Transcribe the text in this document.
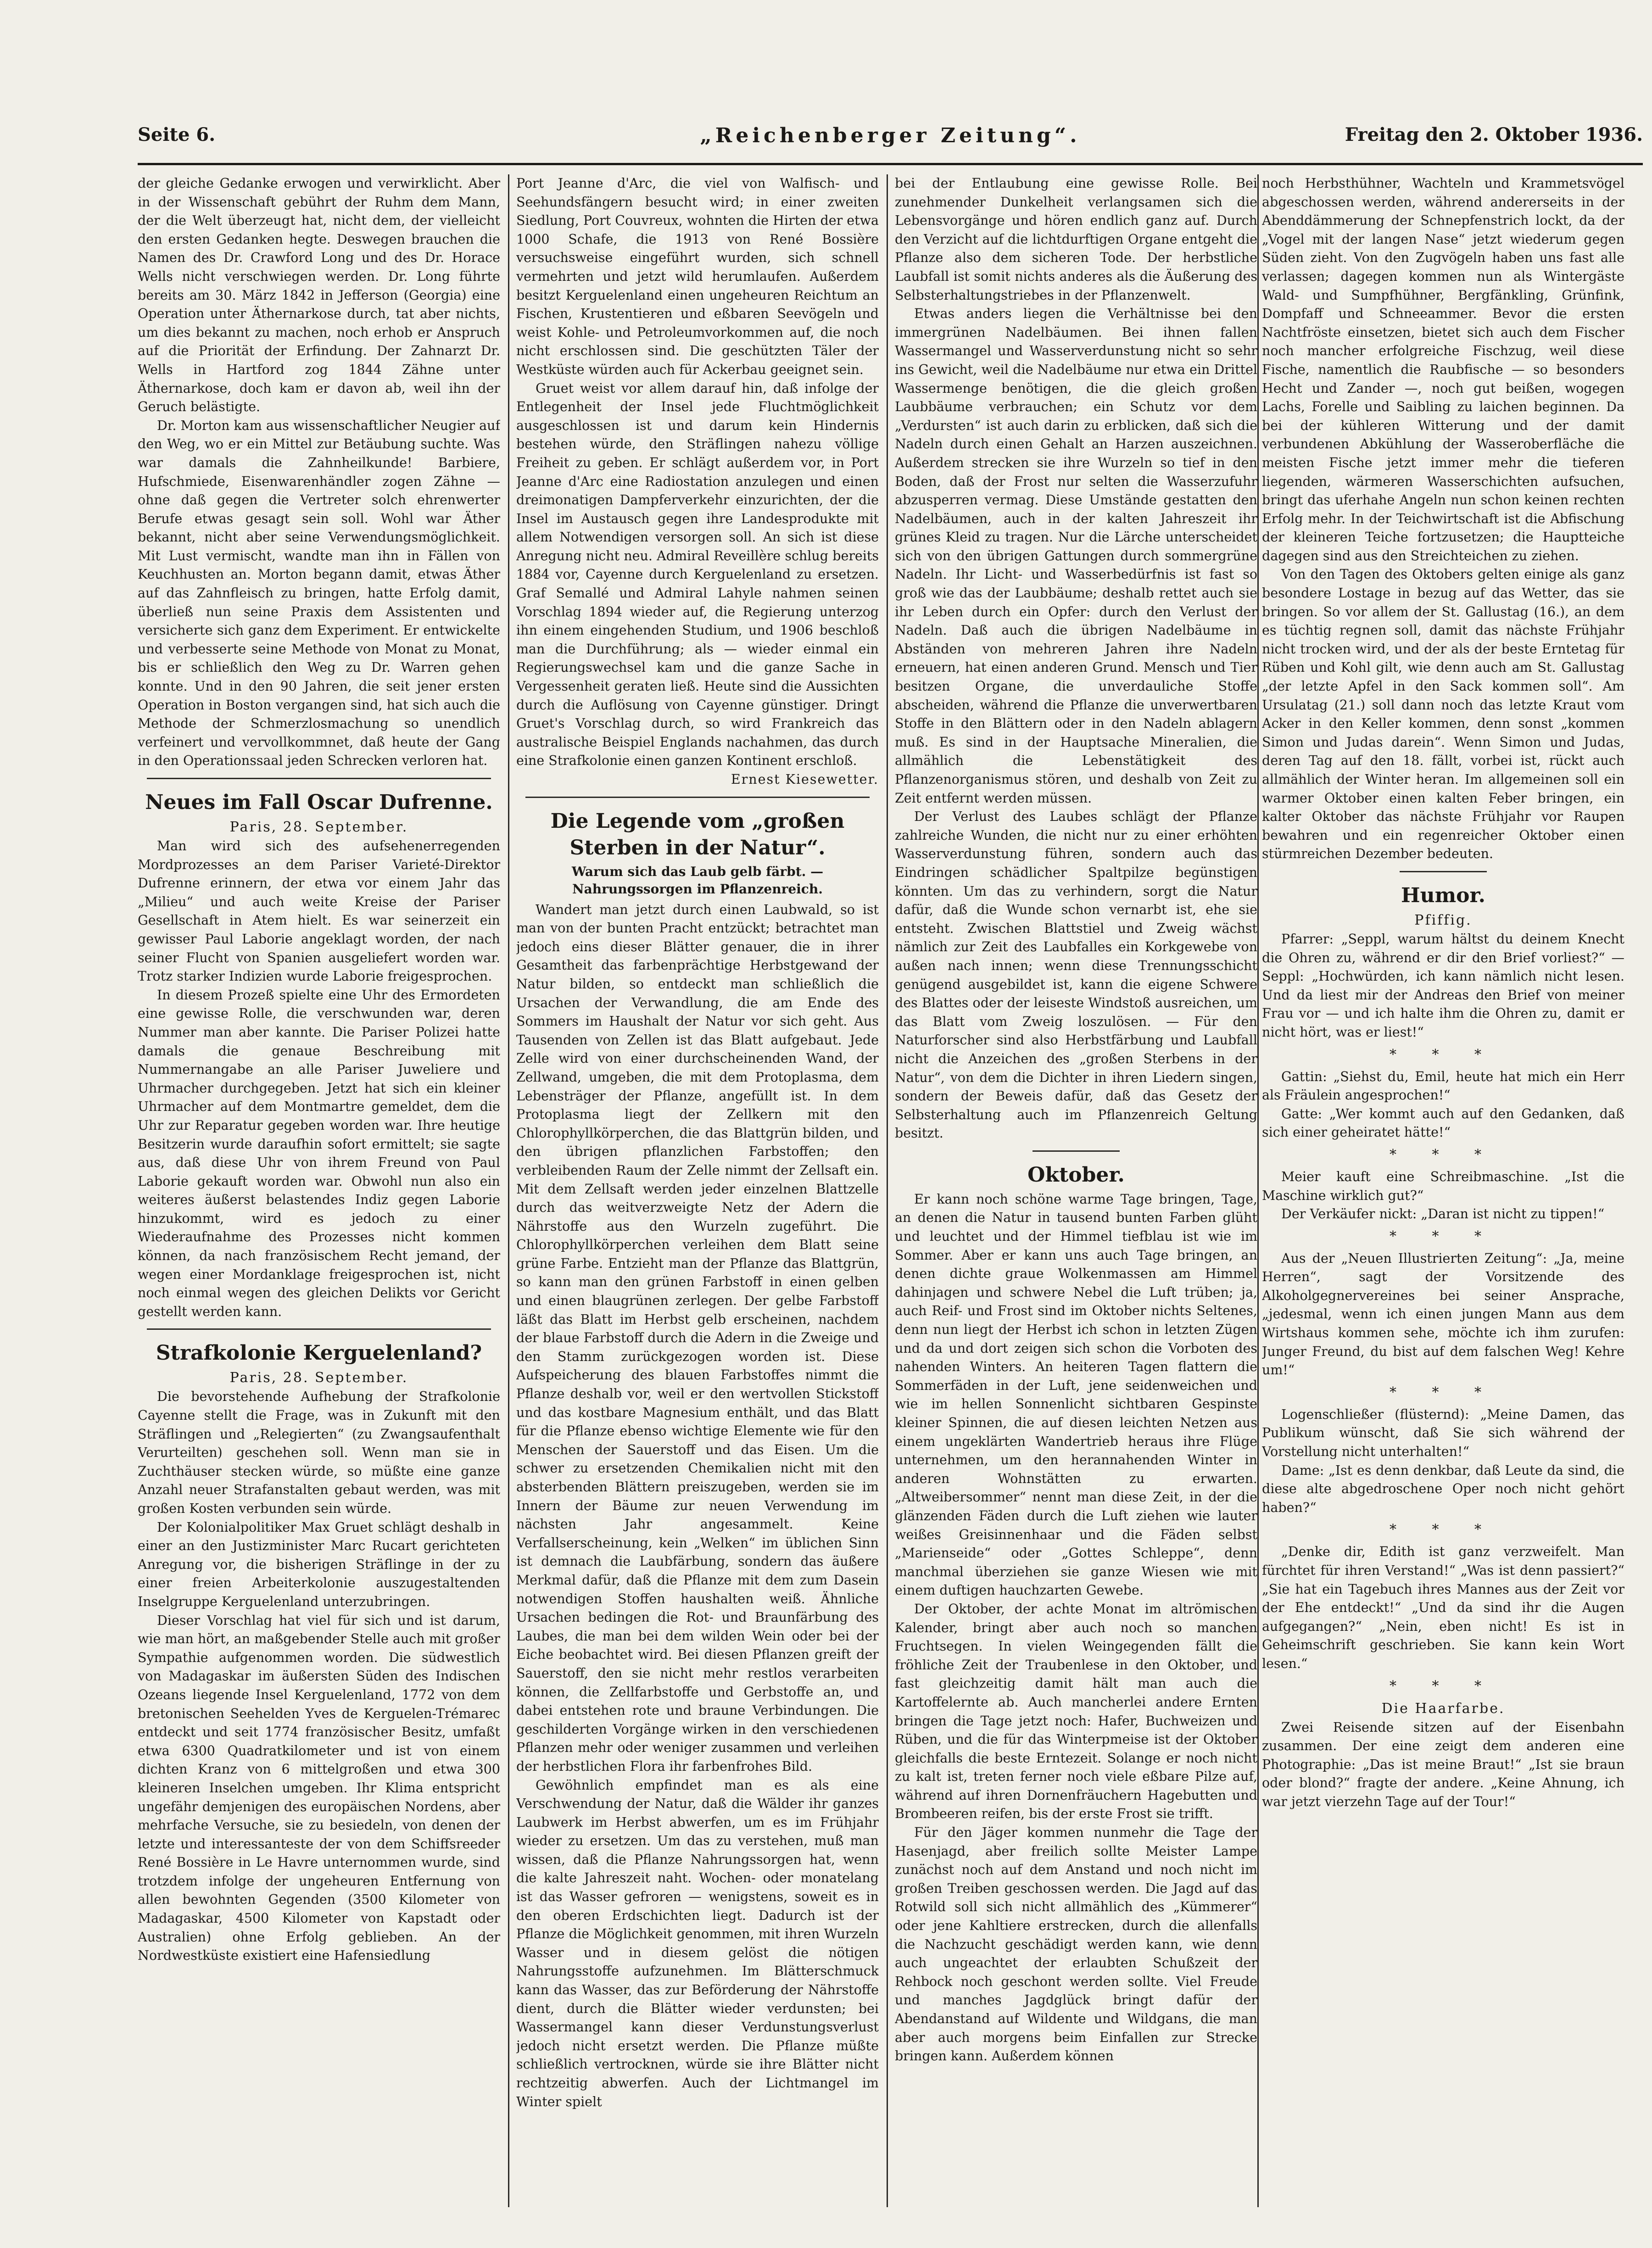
Seite 6.	„Reichenberger Zeitung“.	Freitag den 2. Oktober 1936.

der gleiche Gedanke erwogen und verwirklicht. Aber in der Wissenschaft gebührt der Ruhm dem Mann, der die Welt überzeugt hat, nicht dem, der vielleicht den ersten Gedanken hegte. Deswegen brauchen die Namen des Dr. Crawford Long und des Dr. Horace Wells nicht verschwiegen werden. Dr. Long führte bereits am 30. März 1842 in Jefferson (Georgia) eine Operation unter Äthernarkose durch, tat aber nichts, um dies bekannt zu machen, noch erhob er Anspruch auf die Priorität der Erfindung. Der Zahnarzt Dr. Wells in Hartford zog 1844 Zähne unter Äthernarkose, doch kam er davon ab, weil ihn der Geruch belästigte.

Dr. Morton kam aus wissenschaftlicher Neugier auf den Weg, wo er ein Mittel zur Betäubung suchte. Was war damals die Zahnheilkunde! Barbiere, Hufschmiede, Eisenwarenhändler zogen Zähne — ohne daß gegen die Vertreter solch ehrenwerter Berufe etwas gesagt sein soll. Wohl war Äther bekannt, nicht aber seine Verwendungsmöglichkeit. Mit Lust vermischt, wandte man ihn in Fällen von Keuchhusten an. Morton begann damit, etwas Äther auf das Zahnfleisch zu bringen, hatte Erfolg damit, überließ nun seine Praxis dem Assistenten und versicherte sich ganz dem Experiment. Er entwickelte und verbesserte seine Methode von Monat zu Monat, bis er schließlich den Weg zu Dr. Warren gehen konnte. Und in den 90 Jahren, die seit jener ersten Operation in Boston vergangen sind, hat sich auch die Methode der Schmerzlosmachung so unendlich verfeinert und vervollkommnet, daß heute der Gang in den Operationssaal jeden Schrecken verloren hat.

Neues im Fall Oscar Dufrenne.

Paris, 28. September.

Man wird sich des aufsehenerregenden Mordprozesses an dem Pariser Varieté-Direktor Dufrenne erinnern, der etwa vor einem Jahr das „Milieu“ und auch weite Kreise der Pariser Gesellschaft in Atem hielt. Es war seinerzeit ein gewisser Paul Laborie angeklagt worden, der nach seiner Flucht von Spanien ausgeliefert worden war. Trotz starker Indizien wurde Laborie freigesprochen.

In diesem Prozeß spielte eine Uhr des Ermordeten eine gewisse Rolle, die verschwunden war, deren Nummer man aber kannte. Die Pariser Polizei hatte damals die genaue Beschreibung mit Nummernangabe an alle Pariser Juweliere und Uhrmacher durchgegeben. Jetzt hat sich ein kleiner Uhrmacher auf dem Montmartre gemeldet, dem die Uhr zur Reparatur gegeben worden war. Ihre heutige Besitzerin wurde daraufhin sofort ermittelt; sie sagte aus, daß diese Uhr von ihrem Freund von Paul Laborie gekauft worden war. Obwohl nun also ein weiteres äußerst belastendes Indiz gegen Laborie hinzukommt, wird es jedoch zu einer Wiederaufnahme des Prozesses nicht kommen können, da nach französischem Recht jemand, der wegen einer Mordanklage freigesprochen ist, nicht noch einmal wegen des gleichen Delikts vor Gericht gestellt werden kann.

Strafkolonie Kerguelenland?

Paris, 28. September.

Die bevorstehende Aufhebung der Strafkolonie Cayenne stellt die Frage, was in Zukunft mit den Sträflingen und „Relegierten“ (zu Zwangsaufenthalt Verurteilten) geschehen soll. Wenn man sie in Zuchthäuser stecken würde, so müßte eine ganze Anzahl neuer Strafanstalten gebaut werden, was mit großen Kosten verbunden sein würde.

Der Kolonialpolitiker Max Gruet schlägt deshalb in einer an den Justizminister Marc Rucart gerichteten Anregung vor, die bisherigen Sträflinge in der zu einer freien Arbeiterkolonie auszugestaltenden Inselgruppe Kerguelenland unterzubringen.

Dieser Vorschlag hat viel für sich und ist darum, wie man hört, an maßgebender Stelle auch mit großer Sympathie aufgenommen worden. Die südwestlich von Madagaskar im äußersten Süden des Indischen Ozeans liegende Insel Kerguelenland, 1772 von dem bretonischen Seehelden Yves de Kerguelen-Trémarec entdeckt und seit 1774 französischer Besitz, umfaßt etwa 6300 Quadratkilometer und ist von einem dichten Kranz von 6 mittelgroßen und etwa 300 kleineren Inselchen umgeben. Ihr Klima entspricht ungefähr demjenigen des europäischen Nordens, aber mehrfache Versuche, sie zu besiedeln, von denen der letzte und interessanteste der von dem Schiffsreeder René Bossière in Le Havre unternommen wurde, sind trotzdem infolge der ungeheuren Entfernung von allen bewohnten Gegenden (3500 Kilometer von Madagaskar, 4500 Kilometer von Kapstadt oder Australien) ohne Erfolg geblieben. An der Nordwestküste existiert eine Hafensiedlung

Port Jeanne d'Arc, die viel von Walfisch- und Seehundsfängern besucht wird; in einer zweiten Siedlung, Port Couvreux, wohnten die Hirten der etwa 1000 Schafe, die 1913 von René Bossière versuchsweise eingeführt wurden, sich schnell vermehrten und jetzt wild herumlaufen. Außerdem besitzt Kerguelenland einen ungeheuren Reichtum an Fischen, Krustentieren und eßbaren Seevögeln und weist Kohle- und Petroleumvorkommen auf, die noch nicht erschlossen sind. Die geschützten Täler der Westküste würden auch für Ackerbau geeignet sein.

Gruet weist vor allem darauf hin, daß infolge der Entlegenheit der Insel jede Fluchtmöglichkeit ausgeschlossen ist und darum kein Hindernis bestehen würde, den Sträflingen nahezu völlige Freiheit zu geben. Er schlägt außerdem vor, in Port Jeanne d'Arc eine Radiostation anzulegen und einen dreimonatigen Dampferverkehr einzurichten, der die Insel im Austausch gegen ihre Landesprodukte mit allem Notwendigen versorgen soll. An sich ist diese Anregung nicht neu. Admiral Reveillère schlug bereits 1884 vor, Cayenne durch Kerguelenland zu ersetzen. Graf Semallé und Admiral Lahyle nahmen seinen Vorschlag 1894 wieder auf, die Regierung unterzog ihn einem eingehenden Studium, und 1906 beschloß man die Durchführung; als — wieder einmal ein Regierungswechsel kam und die ganze Sache in Vergessenheit geraten ließ. Heute sind die Aussichten durch die Auflösung von Cayenne günstiger. Dringt Gruet's Vorschlag durch, so wird Frankreich das australische Beispiel Englands nachahmen, das durch eine Strafkolonie einen ganzen Kontinent erschloß.

Ernest Kiesewetter.

Die Legende vom „großen Sterben in der Natur“.

Warum sich das Laub gelb färbt. — Nahrungssorgen im Pflanzenreich.

Wandert man jetzt durch einen Laubwald, so ist man von der bunten Pracht entzückt; betrachtet man jedoch eins dieser Blätter genauer, die in ihrer Gesamtheit das farbenprächtige Herbstgewand der Natur bilden, so entdeckt man schließlich die Ursachen der Verwandlung, die am Ende des Sommers im Haushalt der Natur vor sich geht. Aus Tausenden von Zellen ist das Blatt aufgebaut. Jede Zelle wird von einer durchscheinenden Wand, der Zellwand, umgeben, die mit dem Protoplasma, dem Lebensträger der Pflanze, angefüllt ist. In dem Protoplasma liegt der Zellkern mit den Chlorophyllkörperchen, die das Blattgrün bilden, und den übrigen pflanzlichen Farbstoffen; den verbleibenden Raum der Zelle nimmt der Zellsaft ein. Mit dem Zellsaft werden jeder einzelnen Blattzelle durch das weitverzweigte Netz der Adern die Nährstoffe aus den Wurzeln zugeführt. Die Chlorophyllkörperchen verleihen dem Blatt seine grüne Farbe. Entzieht man der Pflanze das Blattgrün, so kann man den grünen Farbstoff in einen gelben und einen blaugrünen zerlegen. Der gelbe Farbstoff läßt das Blatt im Herbst gelb erscheinen, nachdem der blaue Farbstoff durch die Adern in die Zweige und den Stamm zurückgezogen worden ist. Diese Aufspeicherung des blauen Farbstoffes nimmt die Pflanze deshalb vor, weil er den wertvollen Stickstoff und das kostbare Magnesium enthält, und das Blatt für die Pflanze ebenso wichtige Elemente wie für den Menschen der Sauerstoff und das Eisen. Um die schwer zu ersetzenden Chemikalien nicht mit den absterbenden Blättern preiszugeben, werden sie im Innern der Bäume zur neuen Verwendung im nächsten Jahr angesammelt. Keine Verfallserscheinung, kein „Welken“ im üblichen Sinn ist demnach die Laubfärbung, sondern das äußere Merkmal dafür, daß die Pflanze mit dem zum Dasein notwendigen Stoffen haushalten weiß. Ähnliche Ursachen bedingen die Rot- und Braunfärbung des Laubes, die man bei dem wilden Wein oder bei der Eiche beobachtet wird. Bei diesen Pflanzen greift der Sauerstoff, den sie nicht mehr restlos verarbeiten können, die Zellfarbstoffe und Gerbstoffe an, und dabei entstehen rote und braune Verbindungen. Die geschilderten Vorgänge wirken in den verschiedenen Pflanzen mehr oder weniger zusammen und verleihen der herbstlichen Flora ihr farbenfrohes Bild.

Gewöhnlich empfindet man es als eine Verschwendung der Natur, daß die Wälder ihr ganzes Laubwerk im Herbst abwerfen, um es im Frühjahr wieder zu ersetzen. Um das zu verstehen, muß man wissen, daß die Pflanze Nahrungssorgen hat, wenn die kalte Jahreszeit naht. Wochen- oder monatelang ist das Wasser gefroren — wenigstens, soweit es in den oberen Erdschichten liegt. Dadurch ist der Pflanze die Möglichkeit genommen, mit ihren Wurzeln Wasser und in diesem gelöst die nötigen Nahrungsstoffe aufzunehmen. Im Blätterschmuck kann das Wasser, das zur Beförderung der Nährstoffe dient, durch die Blätter wieder verdunsten; bei Wassermangel kann dieser Verdunstungsverlust jedoch nicht ersetzt werden. Die Pflanze müßte schließlich vertrocknen, würde sie ihre Blätter nicht rechtzeitig abwerfen. Auch der Lichtmangel im Winter spielt

bei der Entlaubung eine gewisse Rolle. Bei zunehmender Dunkelheit verlangsamen sich die Lebensvorgänge und hören endlich ganz auf. Durch den Verzicht auf die lichtdurftigen Organe entgeht die Pflanze also dem sicheren Tode. Der herbstliche Laubfall ist somit nichts anderes als die Äußerung des Selbsterhaltungstriebes in der Pflanzenwelt.

Etwas anders liegen die Verhältnisse bei den immergrünen Nadelbäumen. Bei ihnen fallen Wassermangel und Wasserverdunstung nicht so sehr ins Gewicht, weil die Nadelbäume nur etwa ein Drittel Wassermenge benötigen, die die gleich großen Laubbäume verbrauchen; ein Schutz vor dem „Verdursten“ ist auch darin zu erblicken, daß sich die Nadeln durch einen Gehalt an Harzen auszeichnen. Außerdem strecken sie ihre Wurzeln so tief in den Boden, daß der Frost nur selten die Wasserzufuhr abzusperren vermag. Diese Umstände gestatten den Nadelbäumen, auch in der kalten Jahreszeit ihr grünes Kleid zu tragen. Nur die Lärche unterscheidet sich von den übrigen Gattungen durch sommergrüne Nadeln. Ihr Licht- und Wasserbedürfnis ist fast so groß wie das der Laubbäume; deshalb rettet auch sie ihr Leben durch ein Opfer: durch den Verlust der Nadeln. Daß auch die übrigen Nadelbäume in Abständen von mehreren Jahren ihre Nadeln erneuern, hat einen anderen Grund. Mensch und Tier besitzen Organe, die unverdauliche Stoffe abscheiden, während die Pflanze die unverwertbaren Stoffe in den Blättern oder in den Nadeln ablagern muß. Es sind in der Hauptsache Mineralien, die allmählich die Lebenstätigkeit des Pflanzenorganismus stören, und deshalb von Zeit zu Zeit entfernt werden müssen.

Der Verlust des Laubes schlägt der Pflanze zahlreiche Wunden, die nicht nur zu einer erhöhten Wasserverdunstung führen, sondern auch das Eindringen schädlicher Spaltpilze begünstigen könnten. Um das zu verhindern, sorgt die Natur dafür, daß die Wunde schon vernarbt ist, ehe sie entsteht. Zwischen Blattstiel und Zweig wächst nämlich zur Zeit des Laubfalles ein Korkgewebe von außen nach innen; wenn diese Trennungsschicht genügend ausgebildet ist, kann die eigene Schwere des Blattes oder der leiseste Windstoß ausreichen, um das Blatt vom Zweig loszulösen. — Für den Naturforscher sind also Herbstfärbung und Laubfall nicht die Anzeichen des „großen Sterbens in der Natur“, von dem die Dichter in ihren Liedern singen, sondern der Beweis dafür, daß das Gesetz der Selbsterhaltung auch im Pflanzenreich Geltung besitzt.

Oktober.

Er kann noch schöne warme Tage bringen, Tage, an denen die Natur in tausend bunten Farben glüht und leuchtet und der Himmel tiefblau ist wie im Sommer. Aber er kann uns auch Tage bringen, an denen dichte graue Wolkenmassen am Himmel dahinjagen und schwere Nebel die Luft trüben; ja, auch Reif- und Frost sind im Oktober nichts Seltenes, denn nun liegt der Herbst ich schon in letzten Zügen und da und dort zeigen sich schon die Vorboten des nahenden Winters. An heiteren Tagen flattern die Sommerfäden in der Luft, jene seidenweichen und wie im hellen Sonnenlicht sichtbaren Gespinste kleiner Spinnen, die auf diesen leichten Netzen aus einem ungeklärten Wandertrieb heraus ihre Flüge unternehmen, um den herannahenden Winter in anderen Wohnstätten zu erwarten. „Altweibersommer“ nennt man diese Zeit, in der die glänzenden Fäden durch die Luft ziehen wie lauter weißes Greisinnenhaar und die Fäden selbst „Marienseide“ oder „Gottes Schleppe“, denn manchmal überziehen sie ganze Wiesen wie mit einem duftigen hauchzarten Gewebe.

Der Oktober, der achte Monat im altrömischen Kalender, bringt aber auch noch so manchen Fruchtsegen. In vielen Weingegenden fällt die fröhliche Zeit der Traubenlese in den Oktober, und fast gleichzeitig damit hält man auch die Kartoffelernte ab. Auch mancherlei andere Ernten bringen die Tage jetzt noch: Hafer, Buchweizen und Rüben, und die für das Winterpmeise ist der Oktober gleichfalls die beste Erntezeit. Solange er noch nicht zu kalt ist, treten ferner noch viele eßbare Pilze auf, während auf ihren Dornenfräuchern Hagebutten und Brombeeren reifen, bis der erste Frost sie trifft.

Für den Jäger kommen nunmehr die Tage der Hasenjagd, aber freilich sollte Meister Lampe zunächst noch auf dem Anstand und noch nicht im großen Treiben geschossen werden. Die Jagd auf das Rotwild soll sich nicht allmählich des „Kümmerer“ oder jene Kahltiere erstrecken, durch die allenfalls die Nachzucht geschädigt werden kann, wie denn auch ungeachtet der erlaubten Schußzeit der Rehbock noch geschont werden sollte. Viel Freude und manches Jagdglück bringt dafür der Abendanstand auf Wildente und Wildgans, die man aber auch morgens beim Einfallen zur Strecke bringen kann. Außerdem können

noch Herbsthühner, Wachteln und Krammetsvögel abgeschossen werden, während andererseits in der Abenddämmerung der Schnepfenstrich lockt, da der „Vogel mit der langen Nase“ jetzt wiederum gegen Süden zieht. Von den Zugvögeln haben uns fast alle verlassen; dagegen kommen nun als Wintergäste Wald- und Sumpfhühner, Bergfänkling, Grünfink, Dompfaff und Schneeammer. Bevor die ersten Nachtfröste einsetzen, bietet sich auch dem Fischer noch mancher erfolgreiche Fischzug, weil diese Fische, namentlich die Raubfische — so besonders Hecht und Zander —, noch gut beißen, wogegen Lachs, Forelle und Saibling zu laichen beginnen. Da bei der kühleren Witterung und der damit verbundenen Abkühlung der Wasseroberfläche die meisten Fische jetzt immer mehr die tieferen liegenden, wärmeren Wasserschichten aufsuchen, bringt das uferhahe Angeln nun schon keinen rechten Erfolg mehr. In der Teichwirtschaft ist die Abfischung der kleineren Teiche fortzusetzen; die Hauptteiche dagegen sind aus den Streichteichen zu ziehen.

Von den Tagen des Oktobers gelten einige als ganz besondere Lostage in bezug auf das Wetter, das sie bringen. So vor allem der St. Gallustag (16.), an dem es tüchtig regnen soll, damit das nächste Frühjahr nicht trocken wird, und der als der beste Erntetag für Rüben und Kohl gilt, wie denn auch am St. Gallustag „der letzte Apfel in den Sack kommen soll“. Am Ursulatag (21.) soll dann noch das letzte Kraut vom Acker in den Keller kommen, denn sonst „kommen Simon und Judas darein“. Wenn Simon und Judas, deren Tag auf den 18. fällt, vorbei ist, rückt auch allmählich der Winter heran. Im allgemeinen soll ein warmer Oktober einen kalten Feber bringen, ein kalter Oktober das nächste Frühjahr vor Raupen bewahren und ein regenreicher Oktober einen stürmreichen Dezember bedeuten.

Humor.

Pfiffig.

Pfarrer: „Seppl, warum hältst du deinem Knecht die Ohren zu, während er dir den Brief vorliest?“ — Seppl: „Hochwürden, ich kann nämlich nicht lesen. Und da liest mir der Andreas den Brief von meiner Frau vor — und ich halte ihm die Ohren zu, damit er nicht hört, was er liest!“

* * *

Gattin: „Siehst du, Emil, heute hat mich ein Herr als Fräulein angesprochen!“

Gatte: „Wer kommt auch auf den Gedanken, daß sich einer geheiratet hätte!“

* * *

Meier kauft eine Schreibmaschine. „Ist die Maschine wirklich gut?“

Der Verkäufer nickt: „Daran ist nicht zu tippen!“

* * *

Aus der „Neuen Illustrierten Zeitung“: „Ja, meine Herren“, sagt der Vorsitzende des Alkoholgegnervereines bei seiner Ansprache, „jedesmal, wenn ich einen jungen Mann aus dem Wirtshaus kommen sehe, möchte ich ihm zurufen: Junger Freund, du bist auf dem falschen Weg! Kehre um!“

* * *

Logenschließer (flüsternd): „Meine Damen, das Publikum wünscht, daß Sie sich während der Vorstellung nicht unterhalten!“

Dame: „Ist es denn denkbar, daß Leute da sind, die diese alte abgedroschene Oper noch nicht gehört haben?“

* * *

„Denke dir, Edith ist ganz verzweifelt. Man fürchtet für ihren Verstand!“ „Was ist denn passiert?“ „Sie hat ein Tagebuch ihres Mannes aus der Zeit vor der Ehe entdeckt!“ „Und da sind ihr die Augen aufgegangen?“ „Nein, eben nicht! Es ist in Geheimschrift geschrieben. Sie kann kein Wort lesen.“

* * *

Die Haarfarbe.

Zwei Reisende sitzen auf der Eisenbahn zusammen. Der eine zeigt dem anderen eine Photographie: „Das ist meine Braut!“ „Ist sie braun oder blond?“ fragte der andere. „Keine Ahnung, ich war jetzt vierzehn Tage auf der Tour!“
